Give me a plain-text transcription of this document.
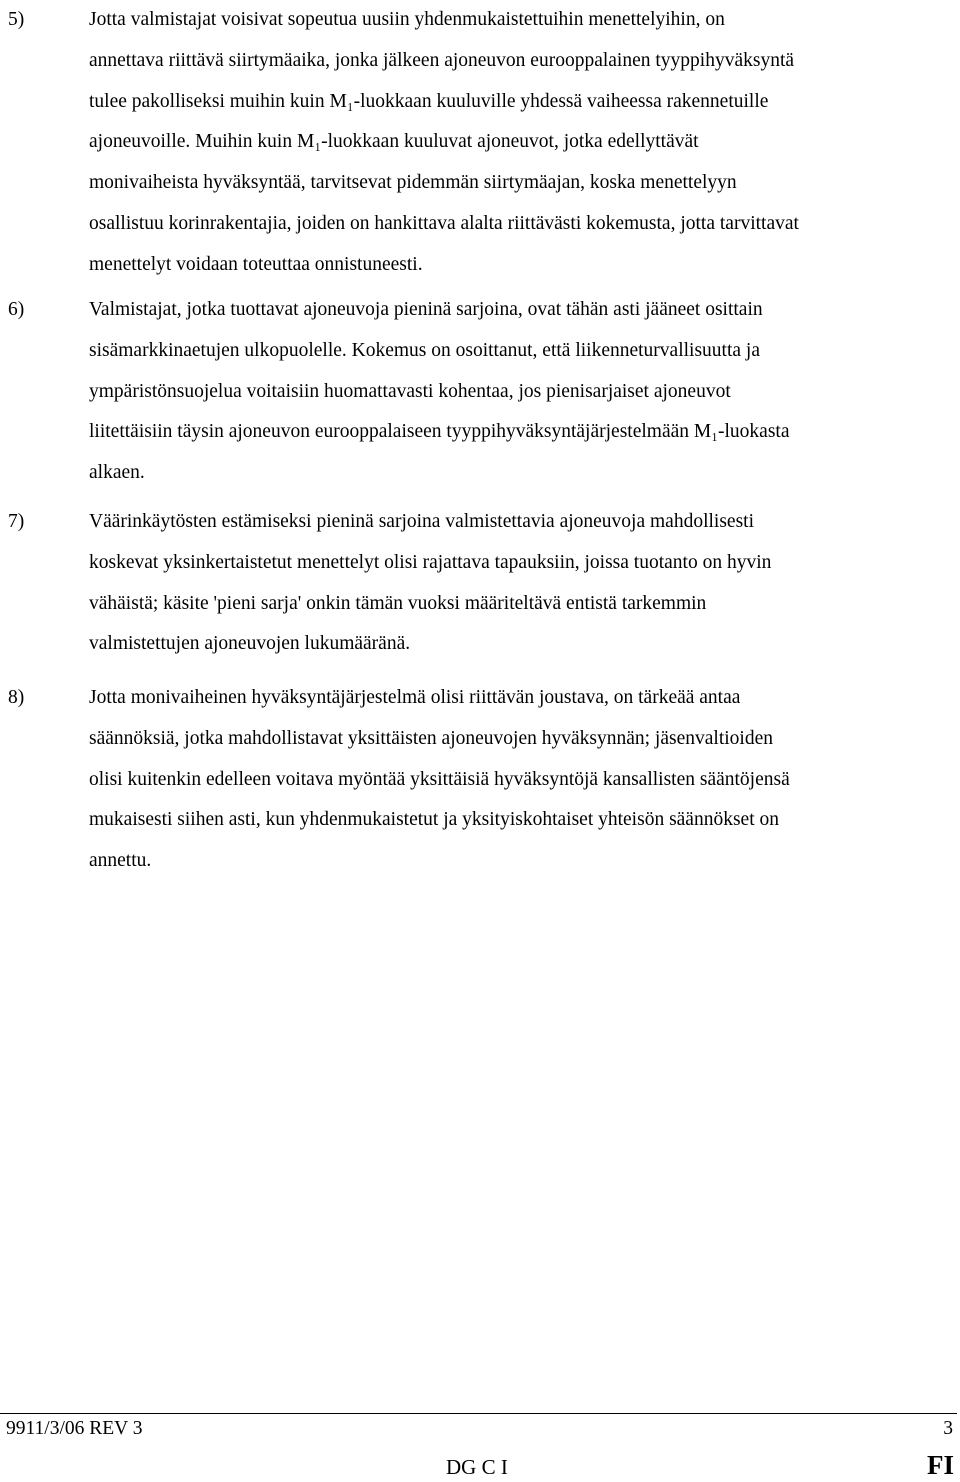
5)	Jotta valmistajat voisivat sopeutua uusiin yhdenmukaistettuihin menettelyihin, on
annettava riittävä siirtymäaika, jonka jälkeen ajoneuvon eurooppalainen tyyppihyväksyntä
tulee pakolliseksi muihin kuin M₁-luokkaan kuuluville yhdessä vaiheessa rakennetuille
ajoneuvoille. Muihin kuin M₁-luokkaan kuuluvat ajoneuvot, jotka edellyttävät
monivaiheista hyväksyntää, tarvitsevat pidemmän siirtymäajan, koska menettelyyn
osallistuu korinrakentajia, joiden on hankittava alalta riittävästi kokemusta, jotta tarvittavat
menettelyt voidaan toteuttaa onnistuneesti.
6)	Valmistajat, jotka tuottavat ajoneuvoja pieninä sarjoina, ovat tähän asti jääneet osittain
sisämarkkinaetujen ulkopuolelle. Kokemus on osoittanut, että liikenneturvallisuutta ja
ympäristönsuojelua voitaisiin huomattavasti kohentaa, jos pienisarjaiset ajoneuvot
liitettäisiin täysin ajoneuvon eurooppalaiseen tyyppihyväksyntäjärjestelmään M₁-luokasta
alkaen.
7)	Väärinkäytösten estämiseksi pieninä sarjoina valmistettavia ajoneuvoja mahdollisesti
koskevat yksinkertaistetut menettelyt olisi rajattava tapauksiin, joissa tuotanto on hyvin
vähäistä; käsite 'pieni sarja' onkin tämän vuoksi määriteltävä entistä tarkemmin
valmistettujen ajoneuvojen lukumääränä.
8)	Jotta monivaiheinen hyväksyntäjärjestelmä olisi riittävän joustava, on tärkeää antaa
säännöksiä, jotka mahdollistavat yksittäisten ajoneuvojen hyväksynnän; jäsenvaltioiden
olisi kuitenkin edelleen voitava myöntää yksittäisiä hyväksyntöjä kansallisten sääntöjensä
mukaisesti siihen asti, kun yhdenmukaistetut ja yksityiskohtaiset yhteisön säännökset on
annettu.
9911/3/06 REV 3	3
DG C I	FI
